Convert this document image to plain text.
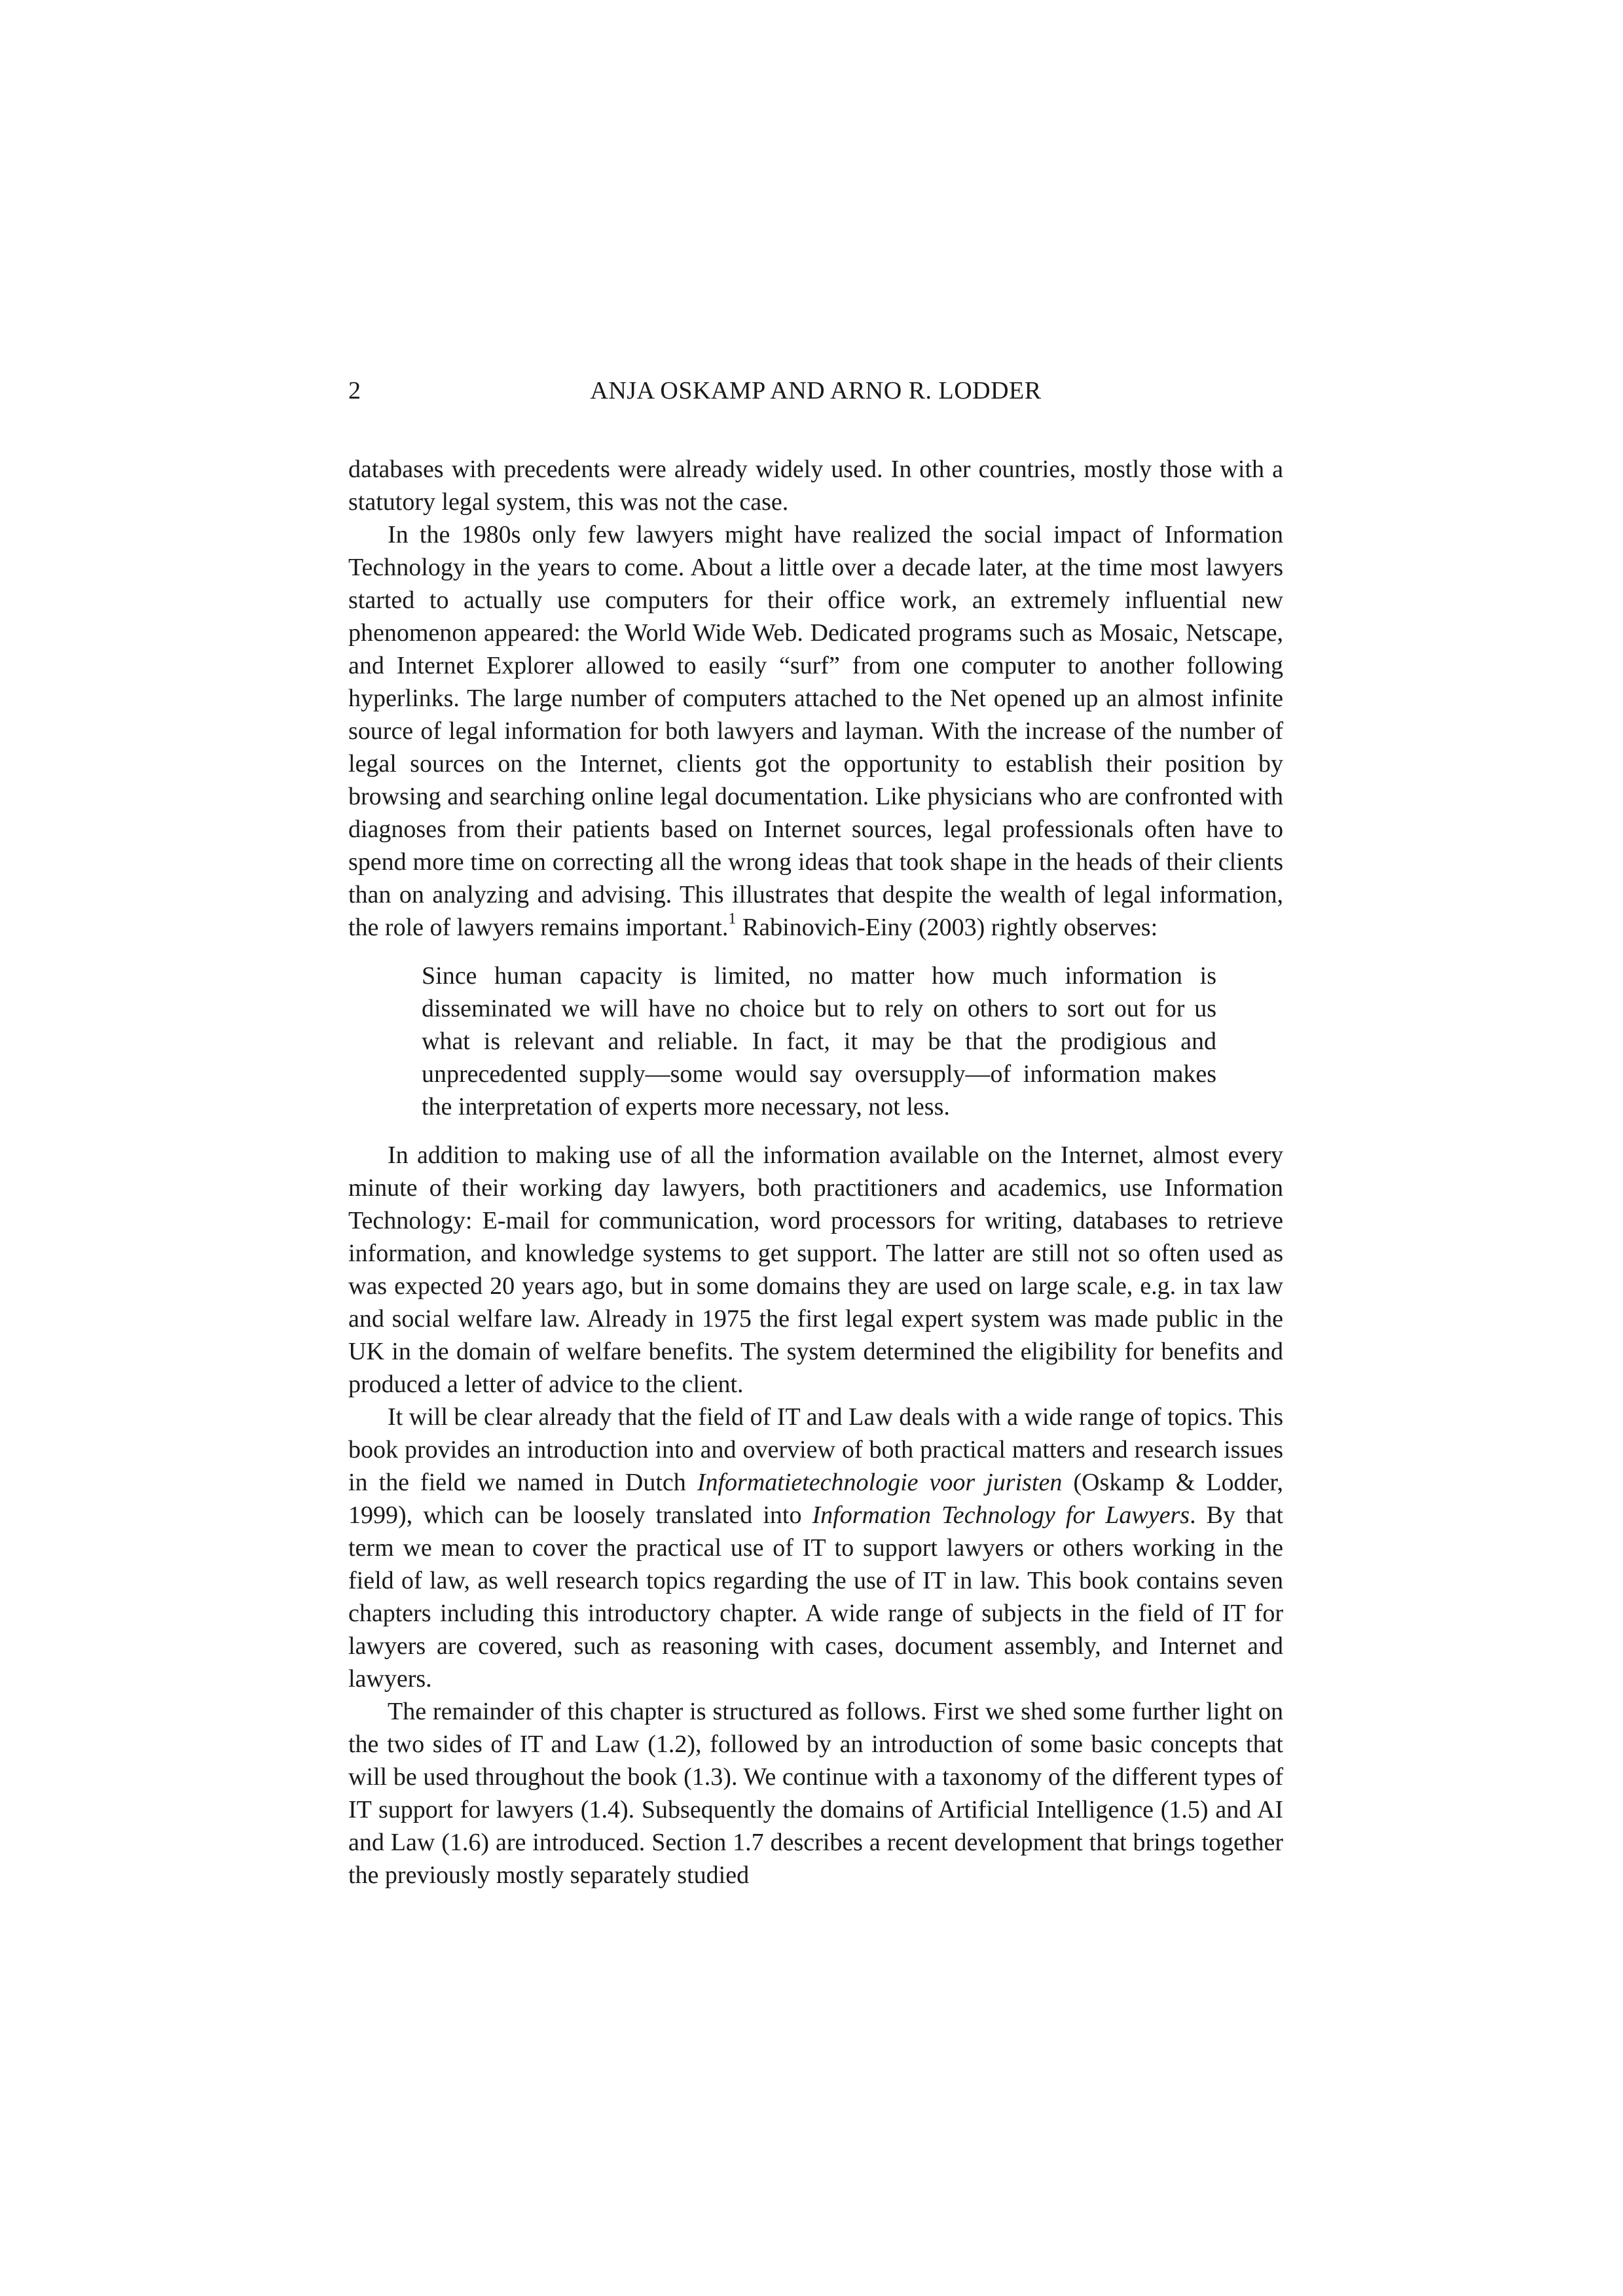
2	ANJA OSKAMP AND ARNO R. LODDER

databases with precedents were already widely used. In other countries, mostly those with a statutory legal system, this was not the case.

In the 1980s only few lawyers might have realized the social impact of Information Technology in the years to come. About a little over a decade later, at the time most lawyers started to actually use computers for their office work, an extremely influential new phenomenon appeared: the World Wide Web. Dedicated programs such as Mosaic, Netscape, and Internet Explorer allowed to easily “surf” from one computer to another following hyperlinks. The large number of computers attached to the Net opened up an almost infinite source of legal information for both lawyers and layman. With the increase of the number of legal sources on the Internet, clients got the opportunity to establish their position by browsing and searching online legal documentation. Like physicians who are confronted with diagnoses from their patients based on Internet sources, legal professionals often have to spend more time on correcting all the wrong ideas that took shape in the heads of their clients than on analyzing and advising. This illustrates that despite the wealth of legal information, the role of lawyers remains important.$^1$ Rabinovich-Einy (2003) rightly observes:

Since human capacity is limited, no matter how much information is disseminated we will have no choice but to rely on others to sort out for us what is relevant and reliable. In fact, it may be that the prodigious and unprecedented supply—some would say oversupply—of information makes the interpretation of experts more necessary, not less.

In addition to making use of all the information available on the Internet, almost every minute of their working day lawyers, both practitioners and academics, use Information Technology: E-mail for communication, word processors for writing, databases to retrieve information, and knowledge systems to get support. The latter are still not so often used as was expected 20 years ago, but in some domains they are used on large scale, e.g. in tax law and social welfare law. Already in 1975 the first legal expert system was made public in the UK in the domain of welfare benefits. The system determined the eligibility for benefits and produced a letter of advice to the client.

It will be clear already that the field of IT and Law deals with a wide range of topics. This book provides an introduction into and overview of both practical matters and research issues in the field we named in Dutch Informatietechnologie voor juristen (Oskamp & Lodder, 1999), which can be loosely translated into Information Technology for Lawyers. By that term we mean to cover the practical use of IT to support lawyers or others working in the field of law, as well research topics regarding the use of IT in law. This book contains seven chapters including this introductory chapter. A wide range of subjects in the field of IT for lawyers are covered, such as reasoning with cases, document assembly, and Internet and lawyers.

The remainder of this chapter is structured as follows. First we shed some further light on the two sides of IT and Law (1.2), followed by an introduction of some basic concepts that will be used throughout the book (1.3). We continue with a taxonomy of the different types of IT support for lawyers (1.4). Subsequently the domains of Artificial Intelligence (1.5) and AI and Law (1.6) are introduced. Section 1.7 describes a recent development that brings together the previously mostly separately studied
